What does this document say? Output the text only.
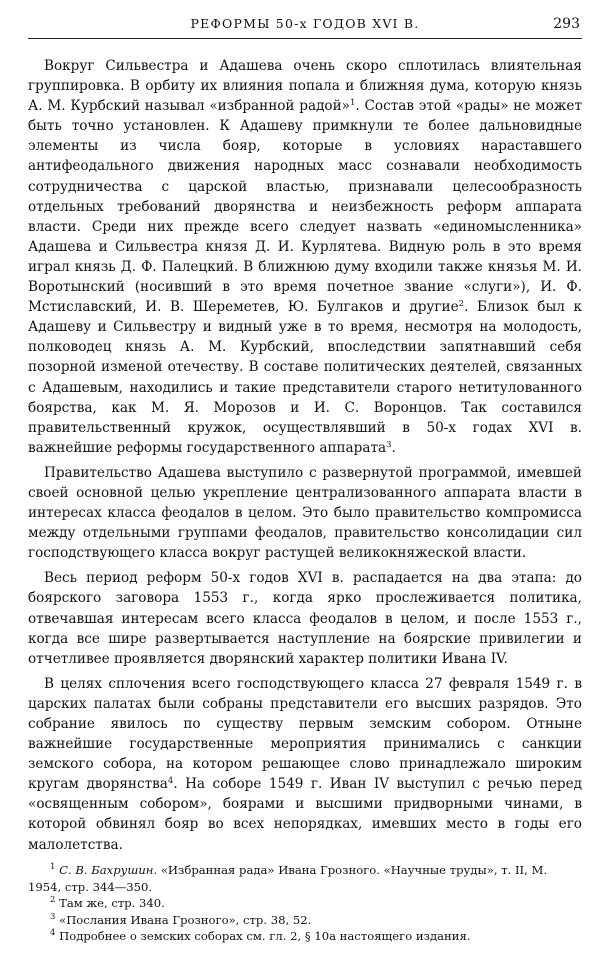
РЕФОРМЫ 50-х ГОДОВ XVI В.	293

Вокруг Сильвестра и Адашева очень скоро сплотилась влиятельная группировка. В орбиту их влияния попала и ближняя дума, которую князь А. М. Курбский называл «избранной радой»$^1$. Состав этой «рады» не может быть точно установлен. К Адашеву примкнули те более дальновидные элементы из числа бояр, которые в условиях нараставшего антифеодального движения народных масс сознавали необходимость сотрудничества с царской властью, признавали целесообразность отдельных требований дворянства и неизбежность реформ аппарата власти. Среди них прежде всего следует назвать «единомысленника» Адашева и Сильвестра князя Д. И. Курлятева. Видную роль в это время играл князь Д. Ф. Палецкий. В ближнюю думу входили также князья М. И. Воротынский (носивший в это время почетное звание «слуги»), И. Ф. Мстиславский, И. В. Шереметев, Ю. Булгаков и другие$^2$. Близок был к Адашеву и Сильвестру и видный уже в то время, несмотря на молодость, полководец князь А. М. Курбский, впоследствии запятнавший себя позорной изменой отечеству. В составе политических деятелей, связанных с Адашевым, находились и такие представители старого нетитулованного боярства, как М. Я. Морозов и И. С. Воронцов. Так составился правительственный кружок, осуществлявший в 50-х годах XVI в. важнейшие реформы государственного аппарата$^3$.

Правительство Адашева выступило с развернутой программой, имевшей своей основной целью укрепление централизованного аппарата власти в интересах класса феодалов в целом. Это было правительство компромисса между отдельными группами феодалов, правительство консолидации сил господствующего класса вокруг растущей великокняжеской власти.

Весь период реформ 50-х годов XVI в. распадается на два этапа: до боярского заговора 1553 г., когда ярко прослеживается политика, отвечавшая интересам всего класса феодалов в целом, и после 1553 г., когда все шире развертывается наступление на боярские привилегии и отчетливее проявляется дворянский характер политики Ивана IV.

В целях сплочения всего господствующего класса 27 февраля 1549 г. в царских палатах были собраны представители его высших разрядов. Это собрание явилось по существу первым земским собором. Отныне важнейшие государственные мероприятия принимались с санкции земского собора, на котором решающее слово принадлежало широким кругам дворянства$^4$. На соборе 1549 г. Иван IV выступил с речью перед «освященным собором», боярами и высшими придворными чинами, в которой обвинял бояр во всех непорядках, имевших место в годы его малолетства.

$^1$ С. В. Бахрушин. «Избранная рада» Ивана Грозного. «Научные труды», т. II, М. 1954, стр. 344—350.

$^2$ Там же, стр. 340.

$^3$ «Послания Ивана Грозного», стр. 38, 52.

$^4$ Подробнее о земских соборах см. гл. 2, § 10а настоящего издания.
